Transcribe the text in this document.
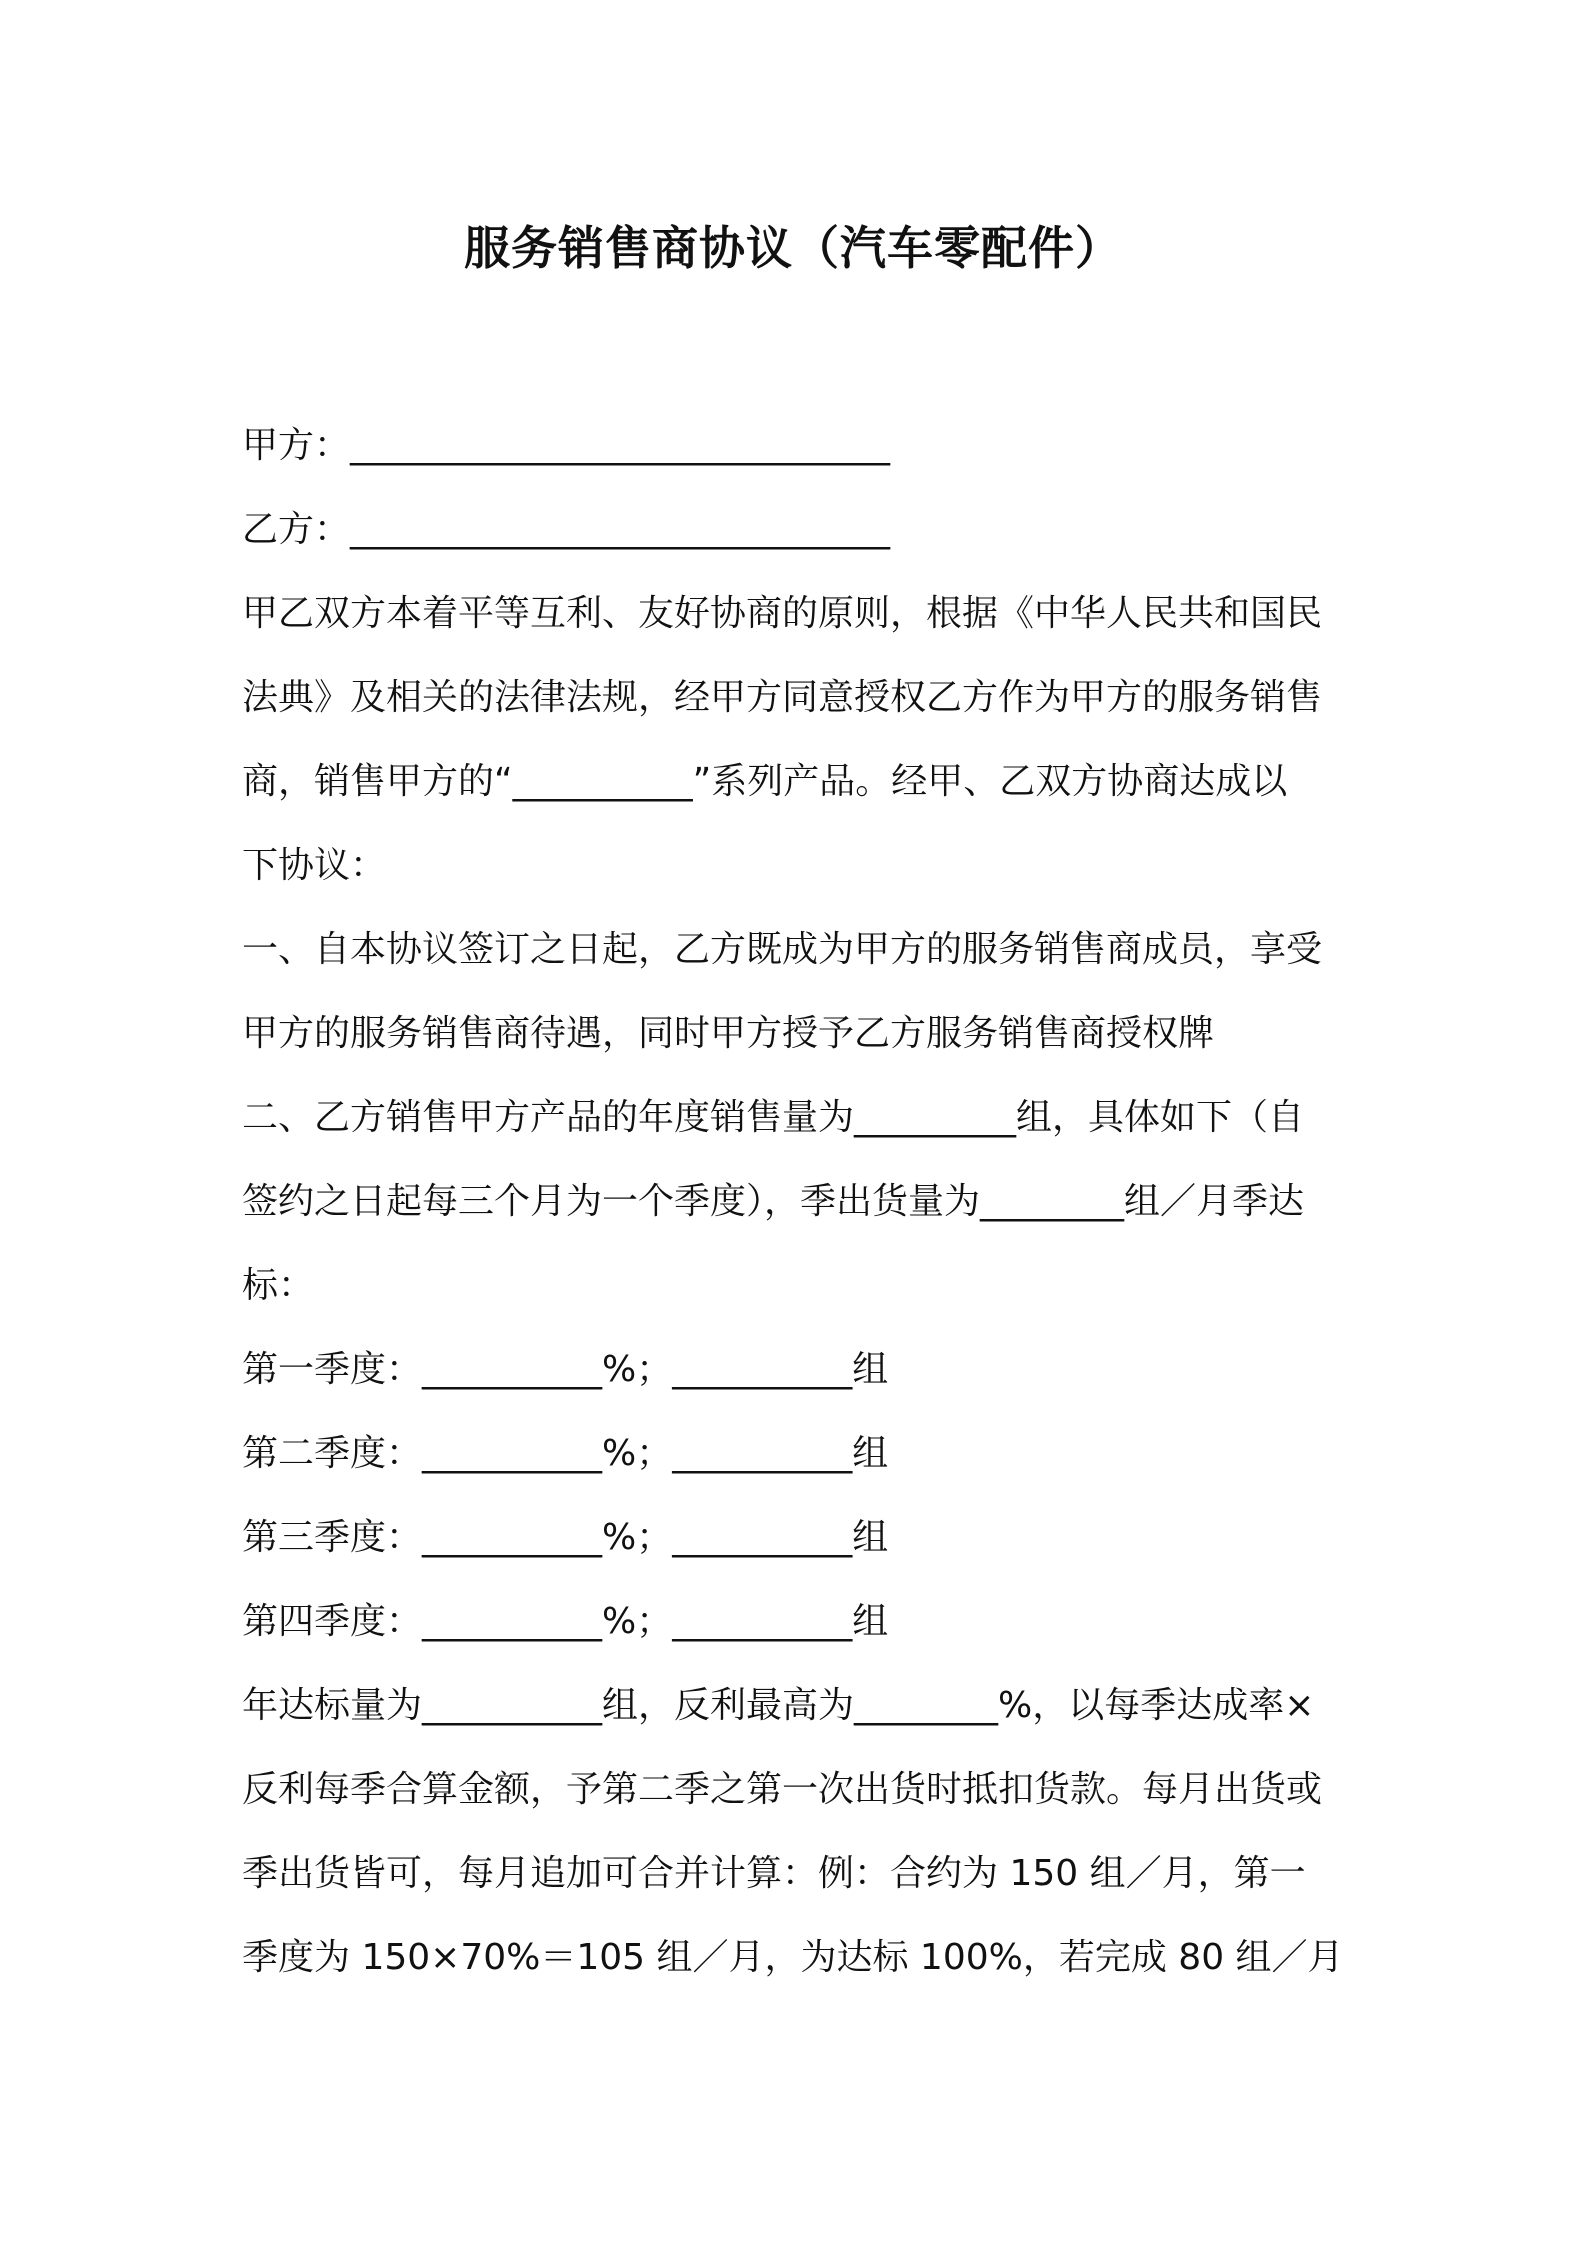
服务销售商协议（汽车零配件）
甲方：______________________________
乙方：______________________________
甲乙双方本着平等互利、友好协商的原则，根据《中华人民共和国民
法典》及相关的法律法规，经甲方同意授权乙方作为甲方的服务销售
商，销售甲方的“__________”系列产品。经甲、乙双方协商达成以
下协议：
一、自本协议签订之日起，乙方既成为甲方的服务销售商成员，享受
甲方的服务销售商待遇，同时甲方授予乙方服务销售商授权牌
二、乙方销售甲方产品的年度销售量为_________组，具体如下（自
签约之日起每三个月为一个季度），季出货量为________组／月季达
标：
第一季度：__________%；__________组
第二季度：__________%；__________组
第三季度：__________%；__________组
第四季度：__________%；__________组
年达标量为__________组，反利最高为________%，以每季达成率×
反利每季合算金额，予第二季之第一次出货时抵扣货款。每月出货或
季出货皆可，每月追加可合并计算：例：合约为 150 组／月，第一
季度为 150×70%＝105 组／月，为达标 100%，若完成 80 组／月
